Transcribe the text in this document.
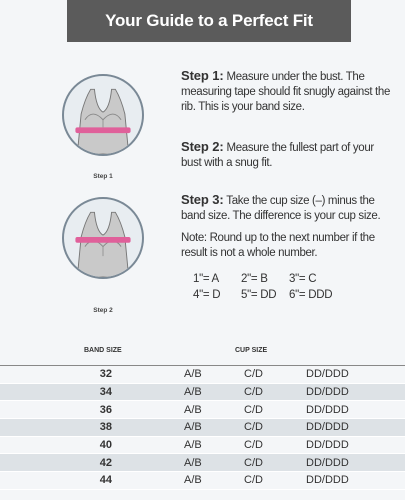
Your Guide to a Perfect Fit
Step 1
Step 2

Step 1: Measure under the bust. The measuring tape should fit snugly against the rib. This is your band size.

Step 2: Measure the fullest part of your bust with a snug fit.

Step 3: Take the cup size (–) minus the band size. The difference is your cup size.

Note: Round up to the next number if the result is not a whole number.

1"= A	2"= B	3"= C
4"= D	5"= DD	6"= DDD
BAND SIZE	CUP SIZE
32	A/B	C/D	DD/DDD
34	A/B	C/D	DD/DDD
36	A/B	C/D	DD/DDD
38	A/B	C/D	DD/DDD
40	A/B	C/D	DD/DDD
42	A/B	C/D	DD/DDD
44	A/B	C/D	DD/DDD
